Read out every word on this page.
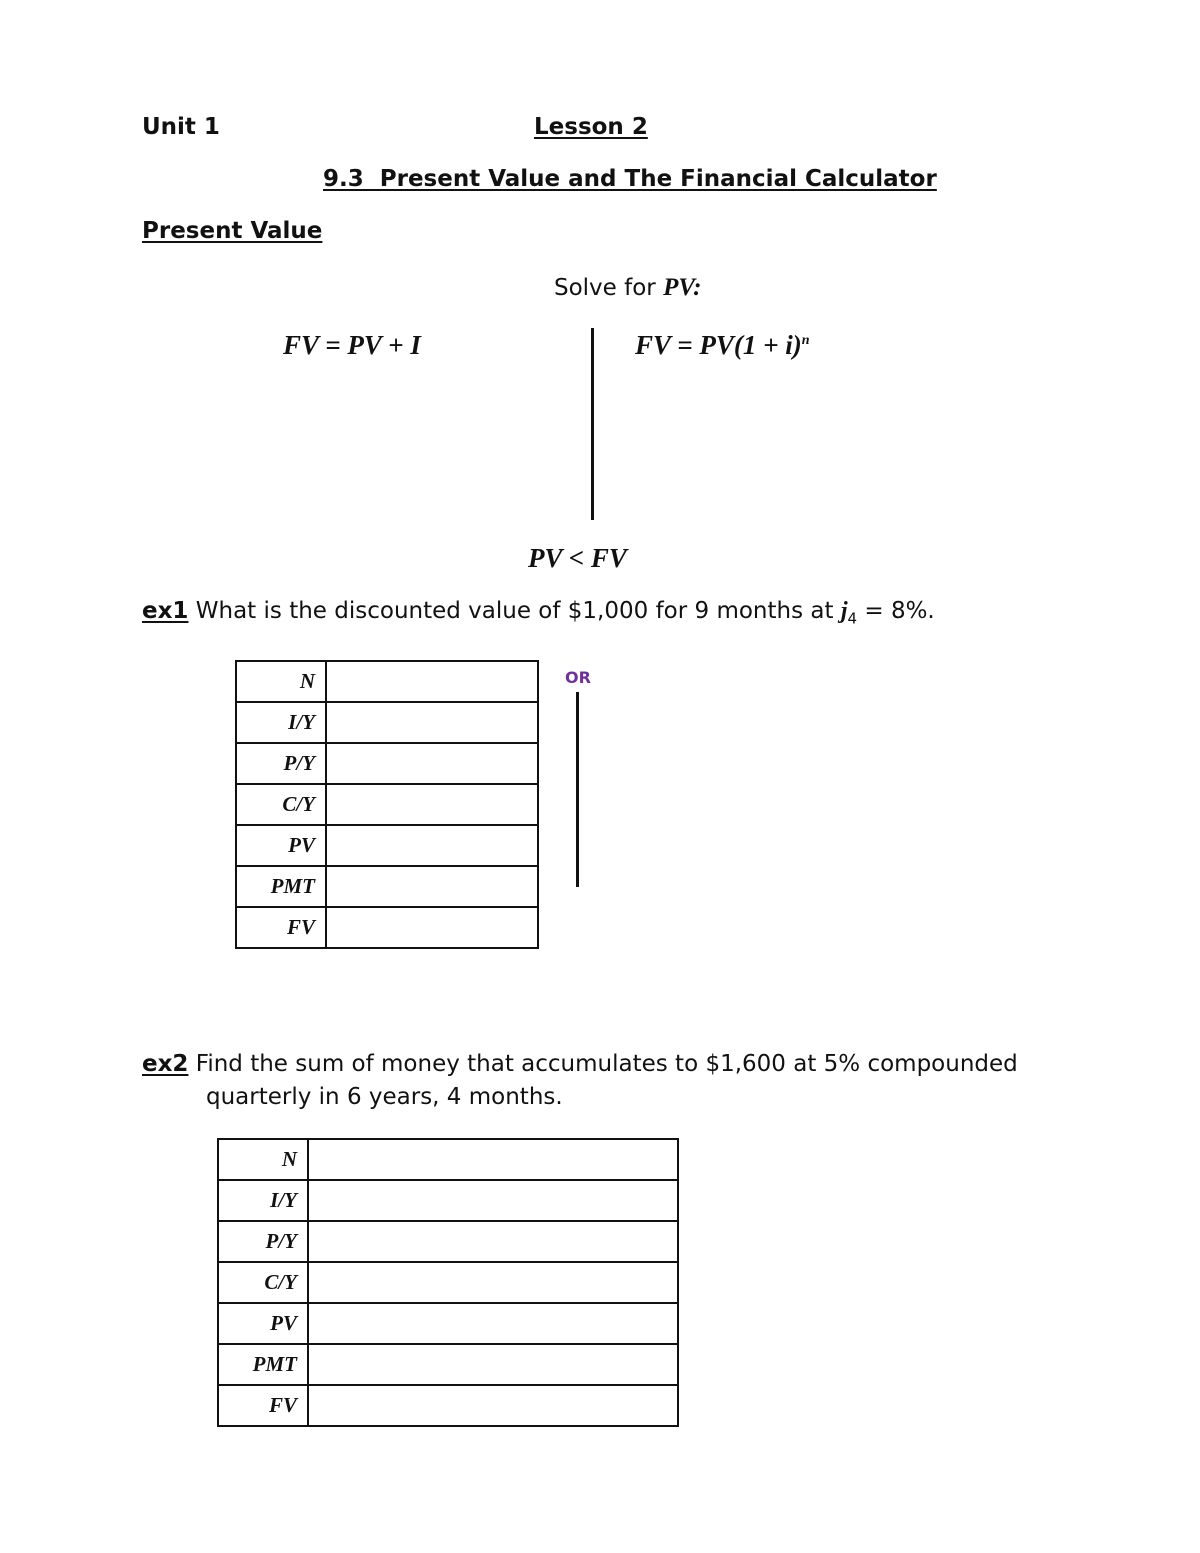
Unit 1	Lesson 2
9.3  Present Value and The Financial Calculator
Present Value
Solve for PV:
FV = PV + I	FV = $PV(1 + i)^n$
PV < FV
ex1 What is the discounted value of $1,000 for 9 months at $j_4 = 8\%$.
N	
I/Y	
P/Y	
C/Y	
PV	
PMT	
FV	
OR
ex2 Find the sum of money that accumulates to $1,600 at 5% compounded
quarterly in 6 years, 4 months.
N	
I/Y	
P/Y	
C/Y	
PV	
PMT	
FV	
